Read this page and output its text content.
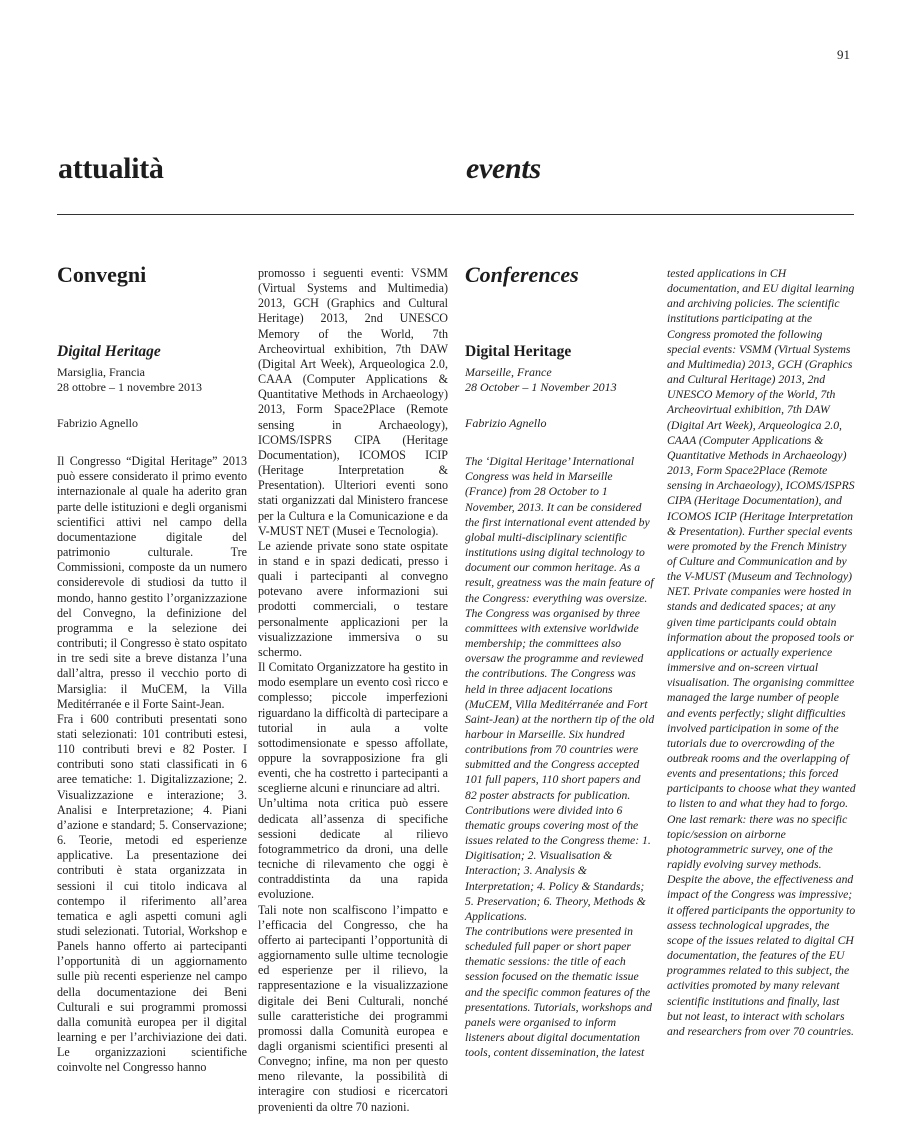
91
attualità	events
Convegni
Digital Heritage
Marsiglia, Francia
28 ottobre – 1 novembre 2013
Fabrizio Agnello

Il Congresso “Digital Heritage” 2013 può essere considerato il primo evento internazionale al quale ha aderito gran parte delle istituzioni e degli organismi scientifici attivi nel campo della documentazione digitale del patrimonio culturale. Tre Commissioni, composte da un numero considerevole di studiosi da tutto il mondo, hanno gestito l’organizzazione del Convegno, la definizione del programma e la selezione dei contributi; il Congresso è stato ospitato in tre sedi site a breve distanza l’una dall’altra, presso il vecchio porto di Marsiglia: il MuCEM, la Villa Meditérranée e il Forte Saint-Jean.

Fra i 600 contributi presentati sono stati selezionati: 101 contributi estesi, 110 contributi brevi e 82 Poster. I contributi sono stati classificati in 6 aree tematiche: 1. Digitalizzazione; 2. Visualizzazione e interazione; 3. Analisi e Interpretazione; 4. Piani d’azione e standard; 5. Conservazione; 6. Teorie, metodi ed esperienze applicative. La presentazione dei contributi è stata organizzata in sessioni il cui titolo indicava al contempo il riferimento all’area tematica e agli aspetti comuni agli studi selezionati. Tutorial, Workshop e Panels hanno offerto ai partecipanti l’opportunità di un aggiornamento sulle più recenti esperienze nel campo della documentazione dei Beni Culturali e sui programmi promossi dalla comunità europea per il digital learning e per l’archiviazione dei dati. Le organizzazioni scientifiche coinvolte nel Congresso hanno

promosso i seguenti eventi: VSMM (Virtual Systems and Multimedia) 2013, GCH (Graphics and Cultural Heritage) 2013, 2nd UNESCO Memory of the World, 7th Archeovirtual exhibition, 7th DAW (Digital Art Week), Arqueologica 2.0, CAAA (Computer Applications & Quantitative Methods in Archaeology) 2013, Form Space2Place (Remote sensing in Archaeology), ICOMS/ISPRS CIPA (Heritage Documentation), ICOMOS ICIP (Heritage Interpretation & Presentation). Ulteriori eventi sono stati organizzati dal Ministero francese per la Cultura e la Comunicazione e da V-MUST NET (Musei e Tecnologia).

Le aziende private sono state ospitate in stand e in spazi dedicati, presso i quali i partecipanti al convegno potevano avere informazioni sui prodotti commerciali, o testare personalmente applicazioni per la visualizzazione immersiva o su schermo.

Il Comitato Organizzatore ha gestito in modo esemplare un evento così ricco e complesso; piccole imperfezioni riguardano la difficoltà di partecipare a tutorial in aula a volte sottodimensionate e spesso affollate, oppure la sovrapposizione fra gli eventi, che ha costretto i partecipanti a sceglierne alcuni e rinunciare ad altri.

Un’ultima nota critica può essere dedicata all’assenza di specifiche sessioni dedicate al rilievo fotogrammetrico da droni, una delle tecniche di rilevamento che oggi è contraddistinta da una rapida evoluzione.

Tali note non scalfiscono l’impatto e l’efficacia del Congresso, che ha offerto ai partecipanti l’opportunità di aggiornamento sulle ultime tecnologie ed esperienze per il rilievo, la rappresentazione e la visualizzazione digitale dei Beni Culturali, nonché sulle caratteristiche dei programmi promossi dalla Comunità europea e dagli organismi scientifici presenti al Convegno; infine, ma non per questo meno rilevante, la possibilità di interagire con studiosi e ricercatori provenienti da oltre 70 nazioni.

Conferences
Digital Heritage
Marseille, France
28 October – 1 November 2013
Fabrizio Agnello

The ‘Digital Heritage’ International Congress was held in Marseille (France) from 28 October to 1 November, 2013. It can be considered the first international event attended by global multi-disciplinary scientific institutions using digital technology to document our common heritage. As a result, greatness was the main feature of the Congress: everything was oversize. The Congress was organised by three committees with extensive worldwide membership; the committees also oversaw the programme and reviewed the contributions. The Congress was held in three adjacent locations (MuCEM, Villa Meditérranée and Fort Saint-Jean) at the northern tip of the old harbour in Marseille. Six hundred contributions from 70 countries were submitted and the Congress accepted 101 full papers, 110 short papers and 82 poster abstracts for publication.

Contributions were divided into 6 thematic groups covering most of the issues related to the Congress theme: 1. Digitisation; 2. Visualisation & Interaction; 3. Analysis & Interpretation; 4. Policy & Standards; 5. Preservation; 6. Theory, Methods & Applications.

The contributions were presented in scheduled full paper or short paper thematic sessions: the title of each session focused on the thematic issue and the specific common features of the presentations. Tutorials, workshops and panels were organised to inform listeners about digital documentation tools, content dissemination, the latest

tested applications in CH documentation, and EU digital learning and archiving policies. The scientific institutions participating at the Congress promoted the following special events: VSMM (Virtual Systems and Multimedia) 2013, GCH (Graphics and Cultural Heritage) 2013, 2nd UNESCO Memory of the World, 7th Archeovirtual exhibition, 7th DAW (Digital Art Week), Arqueologica 2.0, CAAA (Computer Applications & Quantitative Methods in Archaeology) 2013, Form Space2Place (Remote sensing in Archaeology), ICOMS/ISPRS CIPA (Heritage Documentation), and ICOMOS ICIP (Heritage Interpretation & Presentation). Further special events were promoted by the French Ministry of Culture and Communication and by the V-MUST (Museum and Technology) NET. Private companies were hosted in stands and dedicated spaces; at any given time participants could obtain information about the proposed tools or applications or actually experience immersive and on-screen virtual visualisation. The organising committee managed the large number of people and events perfectly; slight difficulties involved participation in some of the tutorials due to overcrowding of the outbreak rooms and the overlapping of events and presentations; this forced participants to choose what they wanted to listen to and what they had to forgo. One last remark: there was no specific topic/session on airborne photogrammetric survey, one of the rapidly evolving survey methods. Despite the above, the effectiveness and impact of the Congress was impressive; it offered participants the opportunity to assess technological upgrades, the scope of the issues related to digital CH documentation, the features of the EU programmes related to this subject, the activities promoted by many relevant scientific institutions and finally, last but not least, to interact with scholars and researchers from over 70 countries.
